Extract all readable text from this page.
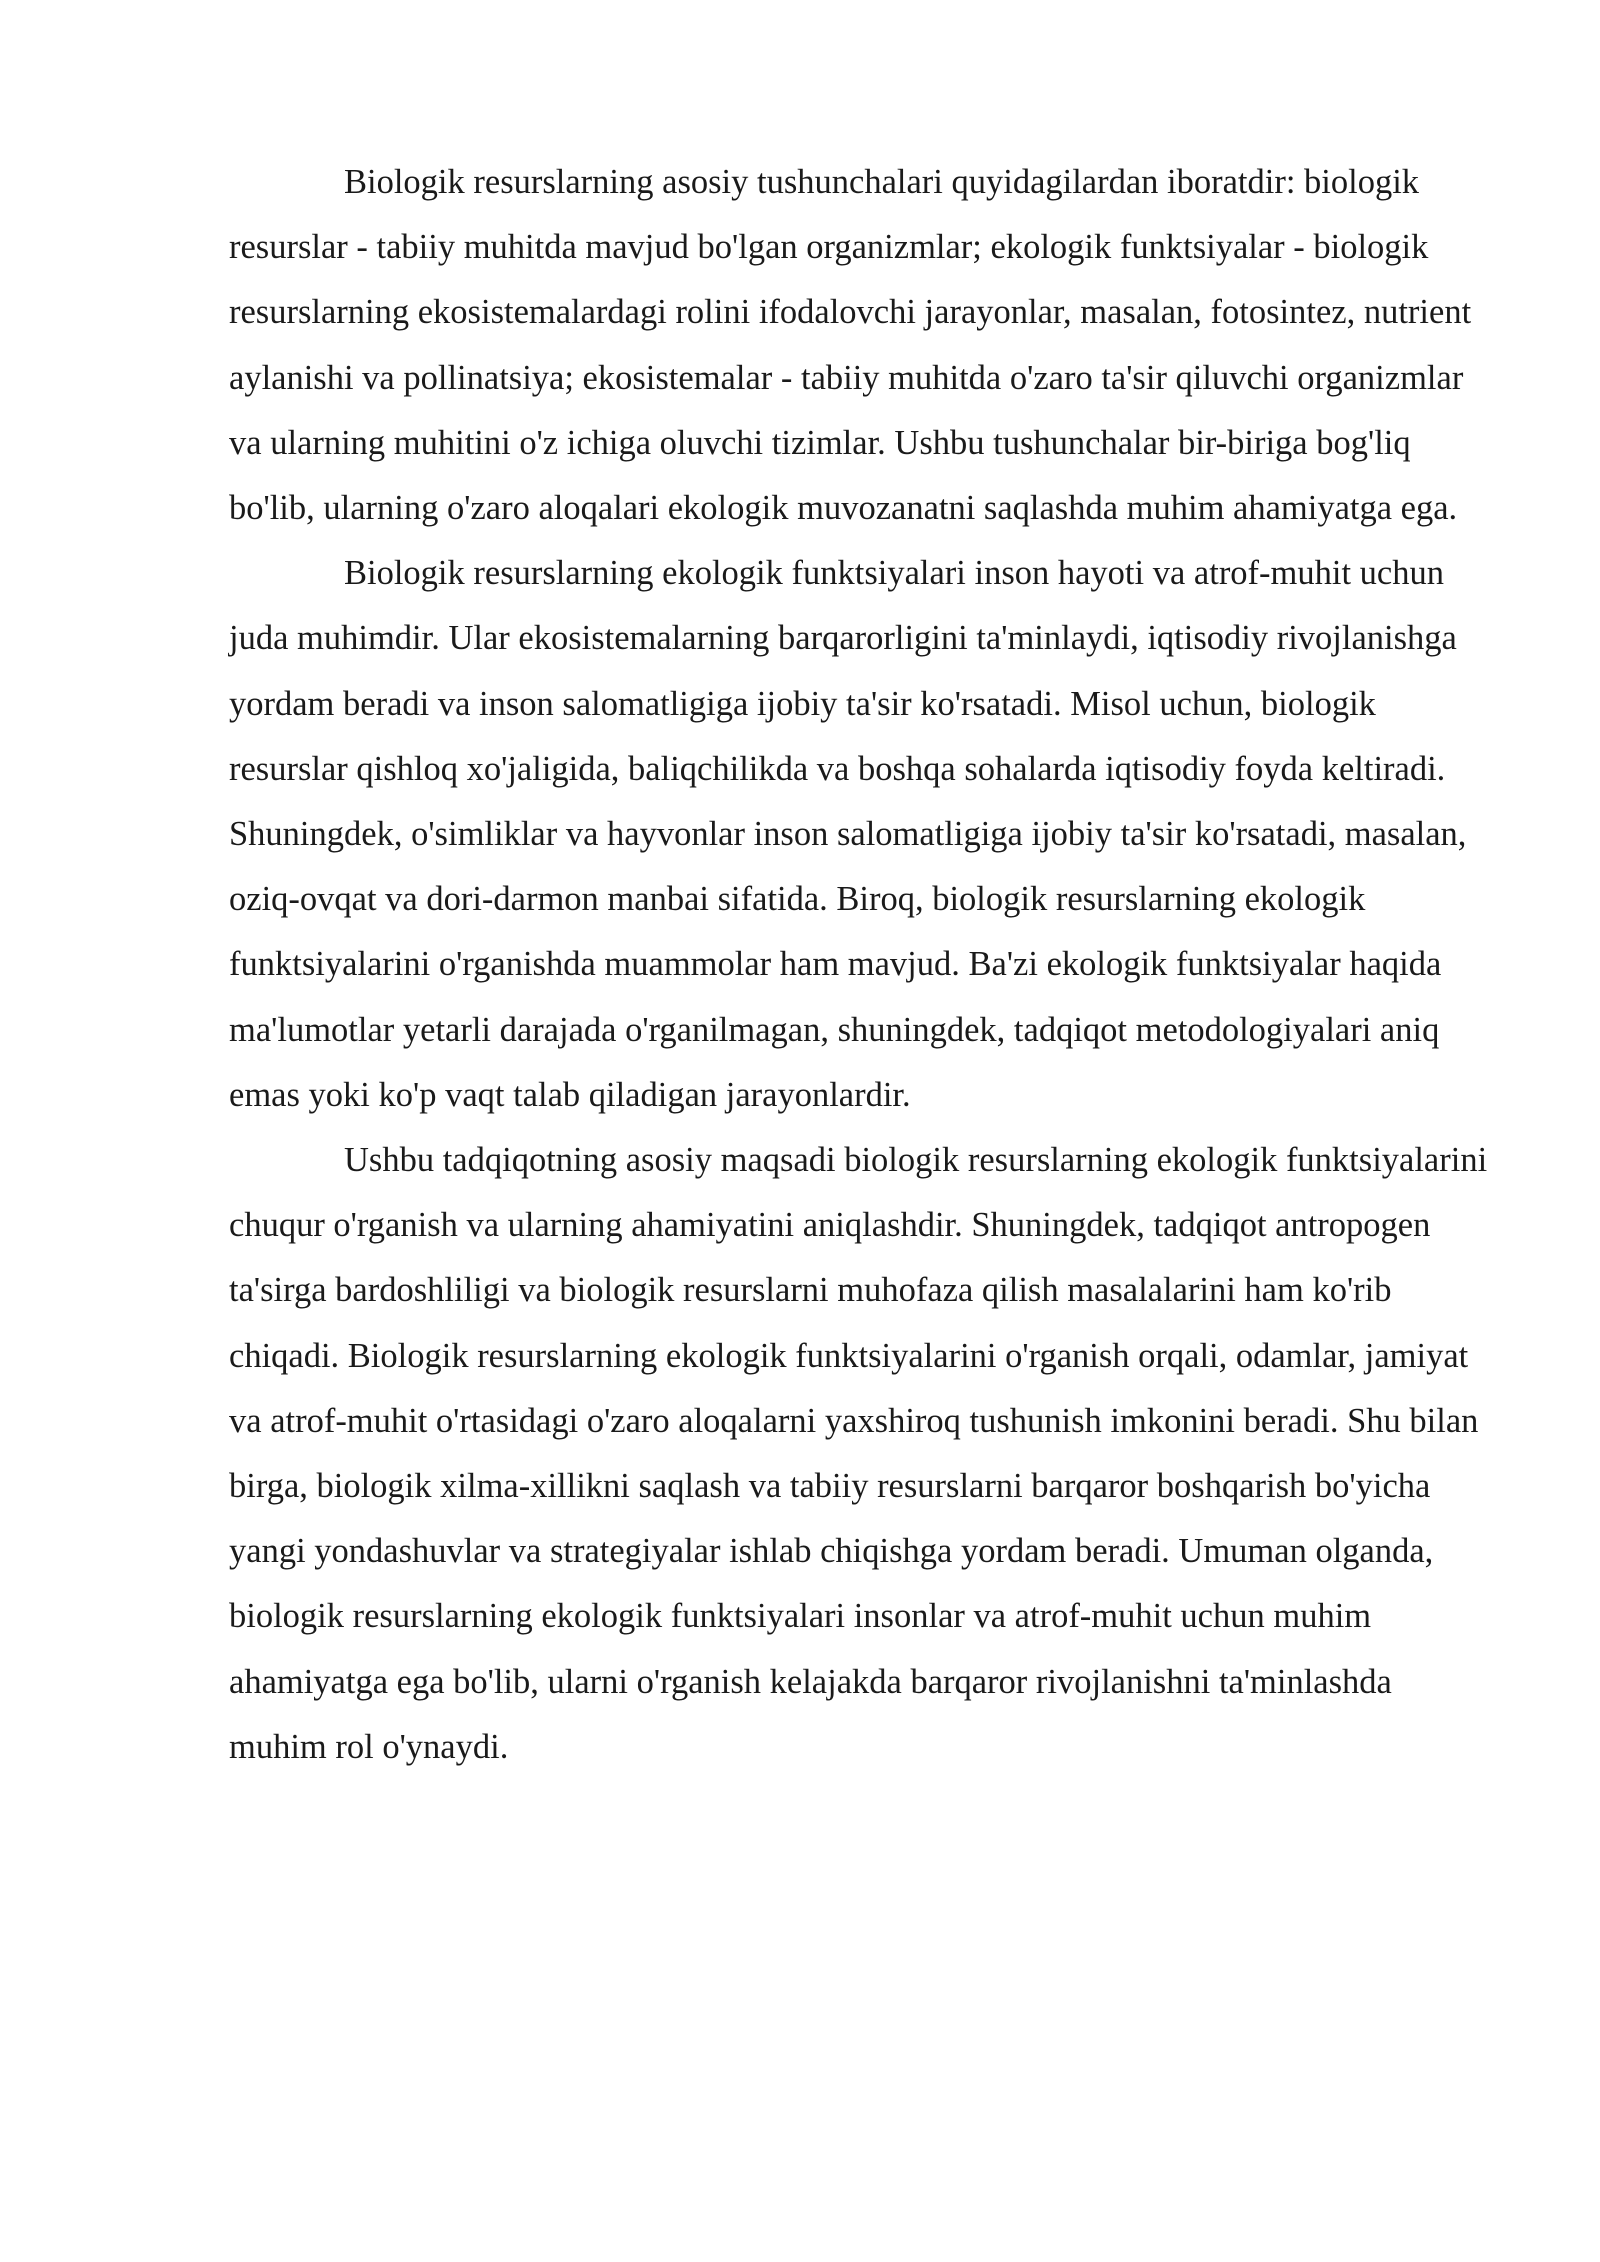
Biologik resurslarning asosiy tushunchalari quyidagilardan iboratdir: biologik resurslar - tabiiy muhitda mavjud bo'lgan organizmlar; ekologik funktsiyalar - biologik resurslarning ekosistemalardagi rolini ifodalovchi jarayonlar, masalan, fotosintez, nutrient aylanishi va pollinatsiya; ekosistemalar - tabiiy muhitda o'zaro ta'sir qiluvchi organizmlar va ularning muhitini o'z ichiga oluvchi tizimlar. Ushbu tushunchalar bir-biriga bog'liq bo'lib, ularning o'zaro aloqalari ekologik muvozanatni saqlashda muhim ahamiyatga ega.

Biologik resurslarning ekologik funktsiyalari inson hayoti va atrof-muhit uchun juda muhimdir. Ular ekosistemalarning barqarorligini ta'minlaydi, iqtisodiy rivojlanishga yordam beradi va inson salomatligiga ijobiy ta'sir ko'rsatadi. Misol uchun, biologik resurslar qishloq xo'jaligida, baliqchilikda va boshqa sohalarda iqtisodiy foyda keltiradi. Shuningdek, o'simliklar va hayvonlar inson salomatligiga ijobiy ta'sir ko'rsatadi, masalan, oziq-ovqat va dori-darmon manbai sifatida. Biroq, biologik resurslarning ekologik funktsiyalarini o'rganishda muammolar ham mavjud. Ba'zi ekologik funktsiyalar haqida ma'lumotlar yetarli darajada o'rganilmagan, shuningdek, tadqiqot metodologiyalari aniq emas yoki ko'p vaqt talab qiladigan jarayonlardir.

Ushbu tadqiqotning asosiy maqsadi biologik resurslarning ekologik funktsiyalarini chuqur o'rganish va ularning ahamiyatini aniqlashdir. Shuningdek, tadqiqot antropogen ta'sirga bardoshliligi va biologik resurslarni muhofaza qilish masalalarini ham ko'rib chiqadi. Biologik resurslarning ekologik funktsiyalarini o'rganish orqali, odamlar, jamiyat va atrof-muhit o'rtasidagi o'zaro aloqalarni yaxshiroq tushunish imkonini beradi. Shu bilan birga, biologik xilma-xillikni saqlash va tabiiy resurslarni barqaror boshqarish bo'yicha yangi yondashuvlar va strategiyalar ishlab chiqishga yordam beradi. Umuman olganda, biologik resurslarning ekologik funktsiyalari insonlar va atrof-muhit uchun muhim ahamiyatga ega bo'lib, ularni o'rganish kelajakda barqaror rivojlanishni ta'minlashda muhim rol o'ynaydi.
